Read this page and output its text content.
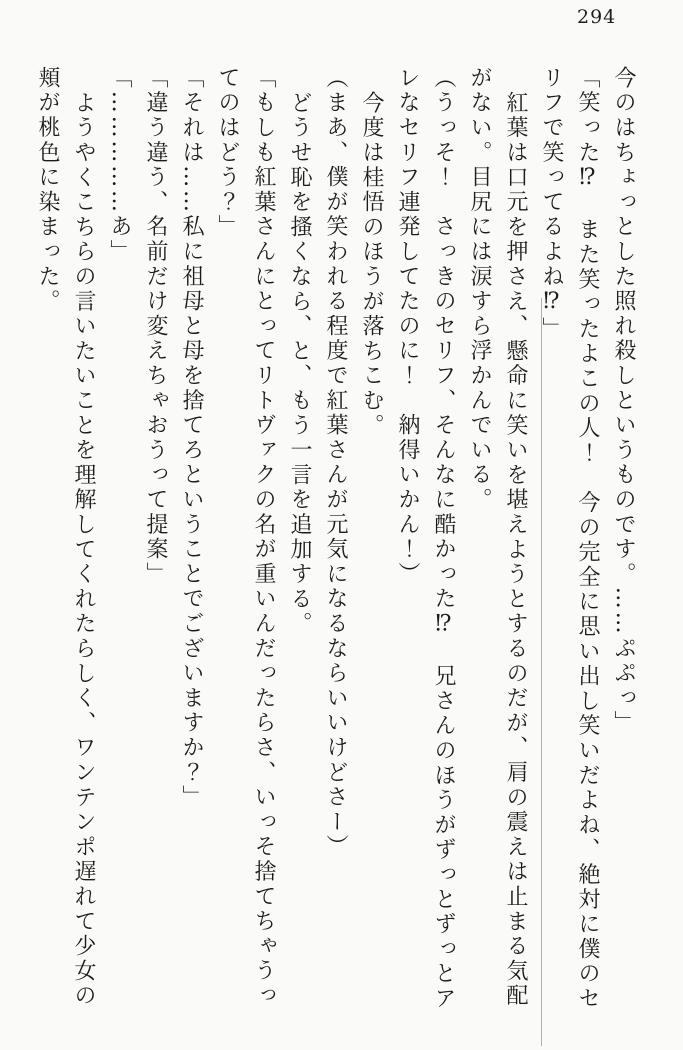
294

今のはちょっとした照れ殺しというものです。……ぷぷっ」

「笑った⁉　また笑ったよこの人！　今の完全に思い出し笑いだよね、絶対に僕のセリフで笑ってるよね⁉」

紅葉は口元を押さえ、懸命に笑いを堪えようとするのだが、肩の震えは止まる気配がない。目尻には涙すら浮かんでいる。

（うっそ！　さっきのセリフ、そんなに酷かった⁉　兄さんのほうがずっとずっとアレなセリフ連発してたのに！　納得いかん！）

今度は桂悟のほうが落ちこむ。

（まあ、僕が笑われる程度で紅葉さんが元気になるならいいけどさー）

どうせ恥を搔くなら、と、もう一言を追加する。

「もしも紅葉さんにとってリトヴァクの名が重いんだったらさ、いっそ捨てちゃうってのはどう？」

「それは……私に祖母と母を捨てろということでございますか？」

「違う違う、名前だけ変えちゃおうって提案」

「……………あ」

ようやくこちらの言いたいことを理解してくれたらしく、ワンテンポ遅れて少女の頬が桃色に染まった。
